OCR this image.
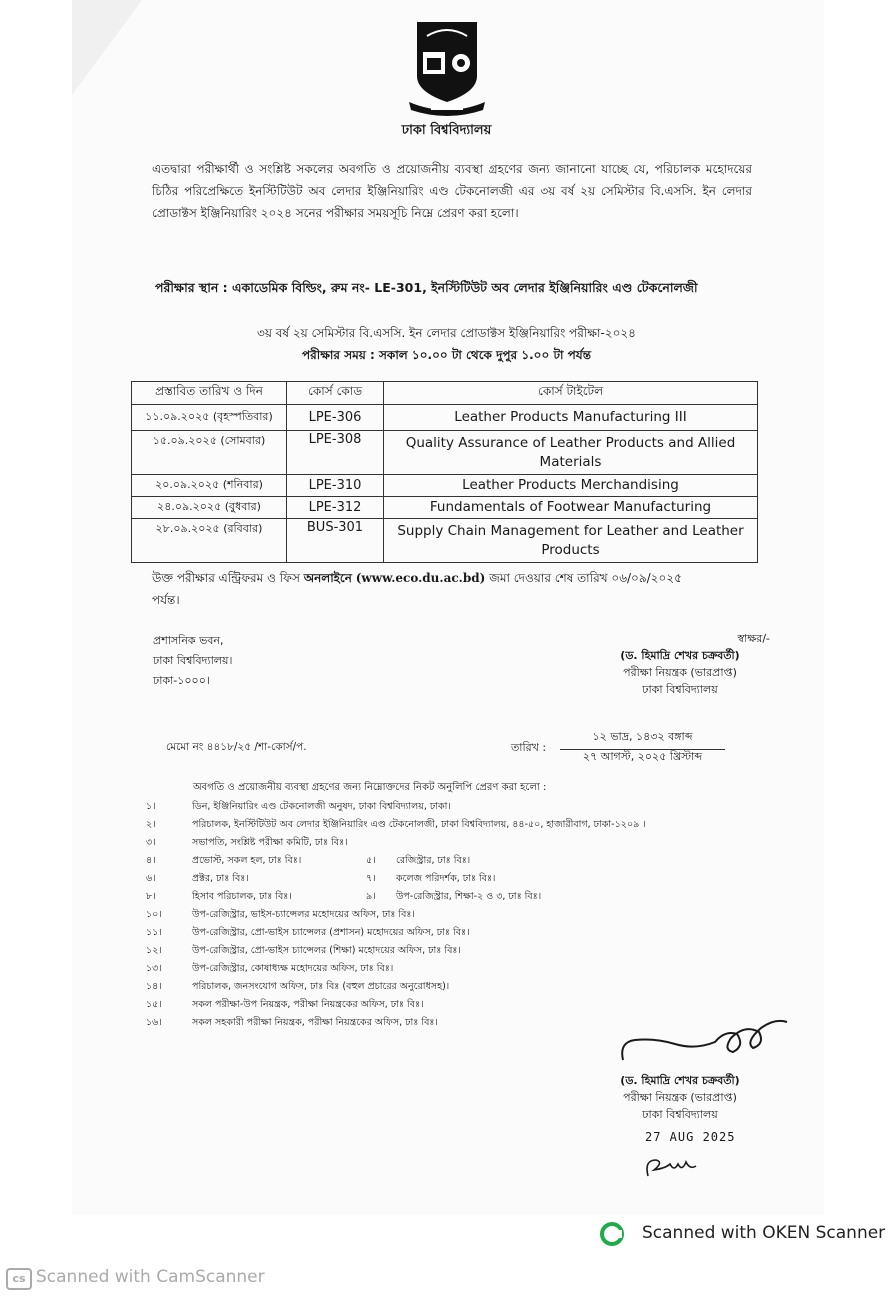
ঢাকা বিশ্ববিদ্যালয়
এতদ্বারা পরীক্ষার্থী ও সংশ্লিষ্ট সকলের অবগতি ও প্রয়োজনীয় ব্যবস্থা গ্রহণের জন্য জানানো যাচ্ছে যে, পরিচালক মহোদয়ের চিঠির পরিপ্রেক্ষিতে ইনস্টিটিউট অব লেদার ইঞ্জিনিয়ারিং এণ্ড টেকনোলজী এর ৩য় বর্ষ ২য় সেমিস্টার বি.এসসি. ইন লেদার প্রোডাক্টস ইঞ্জিনিয়ারিং ২০২৪ সনের পরীক্ষার সময়সূচি নিম্নে প্রেরণ করা হলো।
পরীক্ষার স্থান : একাডেমিক বিল্ডিং, রুম নং- LE-301, ইনস্টিটিউট অব লেদার ইঞ্জিনিয়ারিং এণ্ড টেকনোলজী
৩য় বর্ষ ২য় সেমিস্টার বি.এসসি. ইন লেদার প্রোডাক্টস ইঞ্জিনিয়ারিং পরীক্ষা-২০২৪
পরীক্ষার সময় : সকাল ১০.০০ টা থেকে দুপুর ১.০০ টা পর্যন্ত
প্রস্তাবিত তারিখ ও দিন	কোর্স কোড	কোর্স টাইটেল
১১.০৯.২০২৫ (বৃহস্পতিবার)	LPE-306	Leather Products Manufacturing III
১৫.০৯.২০২৫ (সোমবার)	LPE-308	Quality Assurance of Leather Products and Allied Materials
২০.০৯.২০২৫ (শনিবার)	LPE-310	Leather Products Merchandising
২৪.০৯.২০২৫ (বুধবার)	LPE-312	Fundamentals of Footwear Manufacturing
২৮.০৯.২০২৫ (রবিবার)	BUS-301	Supply Chain Management for Leather and Leather Products
উক্ত পরীক্ষার এন্ট্রিফরম ও ফিস অনলাইনে (www.eco.du.ac.bd) জমা দেওয়ার শেষ তারিখ ০৬/০৯/২০২৫ পর্যন্ত।
প্রশাসনিক ভবন,
ঢাকা বিশ্ববিদ্যালয়।
ঢাকা-১০০০।
স্বাক্ষর/-
(ড. হিমাদ্রি শেখর চক্রবর্তী)
পরীক্ষা নিয়ন্ত্রক (ভারপ্রাপ্ত)
ঢাকা বিশ্ববিদ্যালয়
মেমো নং ৪৪১৮/২৫ /শা-কোর্স/প.	তারিখ :
১২ ভাদ্র, ১৪৩২ বঙ্গাব্দ
২৭ আগস্ট, ২০২৫ খ্রিস্টাব্দ
অবগতি ও প্রয়োজনীয় ব্যবস্থা গ্রহণের জন্য নিম্নোক্তদের নিকট অনুলিপি প্রেরণ করা হলো :
১।	ডিন, ইঞ্জিনিয়ারিং এণ্ড টেকনোলজী অনুষদ, ঢাকা বিশ্ববিদ্যালয়, ঢাকা।
২।	পরিচালক, ইনস্টিটিউট অব লেদার ইঞ্জিনিয়ারিং এণ্ড টেকনোলজী, ঢাকা বিশ্ববিদ্যালয়, ৪৪-৫০, হাজারীবাগ, ঢাকা-১২০৯ ।
৩।	সভাপতি, সংশ্লিষ্ট পরীক্ষা কমিটি, ঢাঃ বিঃ।
৪।	প্রভোস্ট, সকল হল, ঢাঃ বিঃ।	৫। রেজিস্ট্রার, ঢাঃ বিঃ।
৬।	প্রক্টর, ঢাঃ বিঃ।	৭। কলেজ পরিদর্শক, ঢাঃ বিঃ।
৮।	হিসাব পরিচালক, ঢাঃ বিঃ।	৯। উপ-রেজিস্ট্রার, শিক্ষা-২ ও ৩, ঢাঃ বিঃ।
১০।	উপ-রেজিস্ট্রার, ভাইস-চ্যান্সেলর মহোদয়ের অফিস, ঢাঃ বিঃ।
১১।	উপ-রেজিস্ট্রার, প্রো-ভাইস চ্যান্সেলর (প্রশাসন) মহোদয়ের অফিস, ঢাঃ বিঃ।
১২।	উপ-রেজিস্ট্রার, প্রো-ভাইস চ্যান্সেলর (শিক্ষা) মহোদয়ের অফিস, ঢাঃ বিঃ।
১৩।	উপ-রেজিস্ট্রার, কোষাধ্যক্ষ মহোদয়ের অফিস, ঢাঃ বিঃ।
১৪।	পরিচালক, জনসংযোগ অফিস, ঢাঃ বিঃ (বহুল প্রচারের অনুরোধসহ)।
১৫।	সকল পরীক্ষা-উপ নিয়ন্ত্রক, পরীক্ষা নিয়ন্ত্রকের অফিস, ঢাঃ বিঃ।
১৬।	সকল সহকারী পরীক্ষা নিয়ন্ত্রক, পরীক্ষা নিয়ন্ত্রকের অফিস, ঢাঃ বিঃ।
(ড. হিমাদ্রি শেখর চক্রবর্তী)
পরীক্ষা নিয়ন্ত্রক (ভারপ্রাপ্ত)
ঢাকা বিশ্ববিদ্যালয়
27 AUG 2025
Scanned with OKEN Scanner
cs Scanned with CamScanner
